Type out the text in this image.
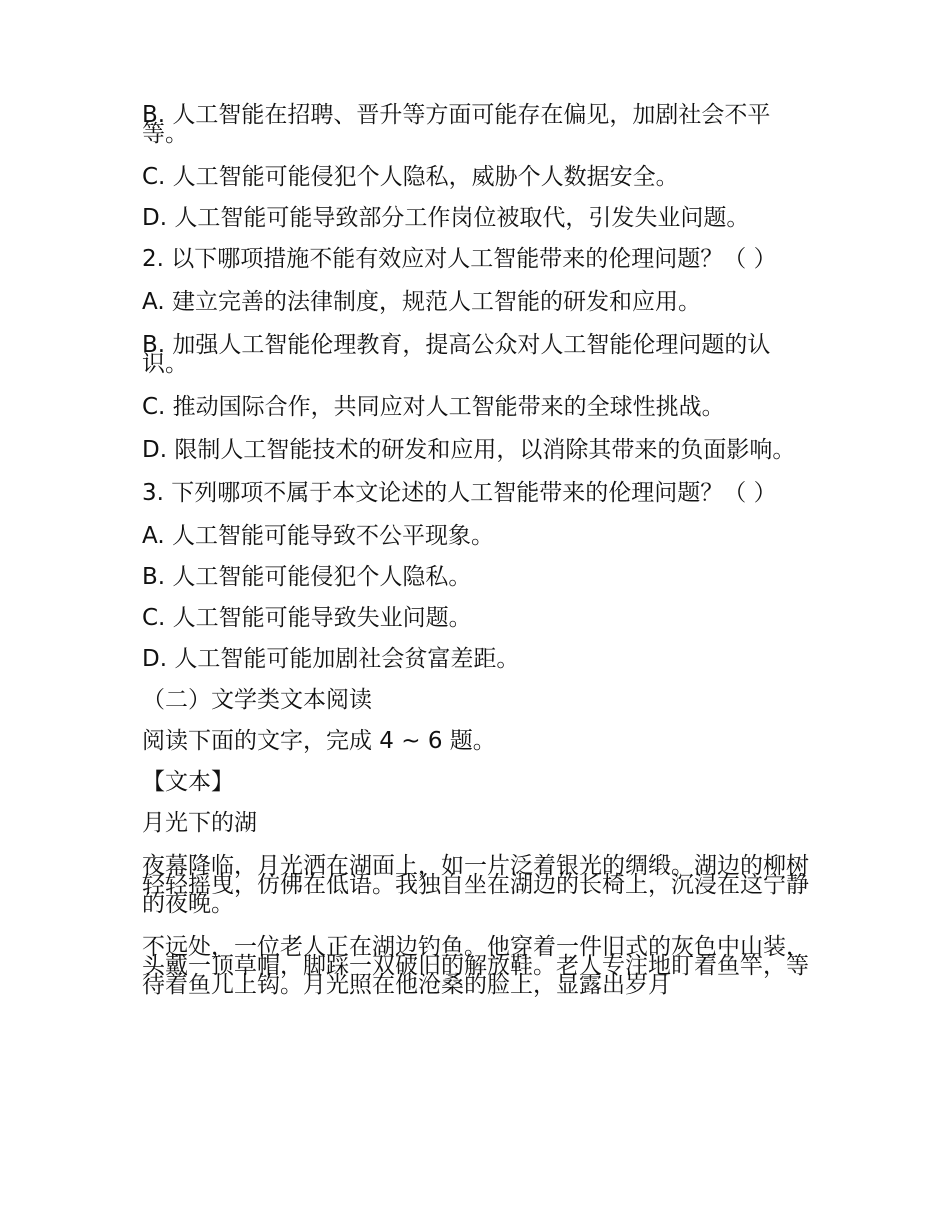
B. 人工智能在招聘、晋升等方面可能存在偏见，加剧社会不平等。

C. 人工智能可能侵犯个人隐私，威胁个人数据安全。

D. 人工智能可能导致部分工作岗位被取代，引发失业问题。

2. 以下哪项措施不能有效应对人工智能带来的伦理问题？（ ）

A. 建立完善的法律制度，规范人工智能的研发和应用。

B. 加强人工智能伦理教育，提高公众对人工智能伦理问题的认识。

C. 推动国际合作，共同应对人工智能带来的全球性挑战。

D. 限制人工智能技术的研发和应用，以消除其带来的负面影响。

3. 下列哪项不属于本文论述的人工智能带来的伦理问题？（ ）

A. 人工智能可能导致不公平现象。

B. 人工智能可能侵犯个人隐私。

C. 人工智能可能导致失业问题。

D. 人工智能可能加剧社会贫富差距。

（二）文学类文本阅读

阅读下面的文字，完成 4 ~ 6 题。

【文本】

月光下的湖

夜幕降临，月光洒在湖面上，如一片泛着银光的绸缎。湖边的柳树轻轻摇曳，仿佛在低语。我独自坐在湖边的长椅上，沉浸在这宁静的夜晚。

不远处，一位老人正在湖边钓鱼。他穿着一件旧式的灰色中山装，头戴一顶草帽，脚踩一双破旧的解放鞋。老人专注地盯着鱼竿，等待着鱼儿上钩。月光照在他沧桑的脸上，显露出岁月
